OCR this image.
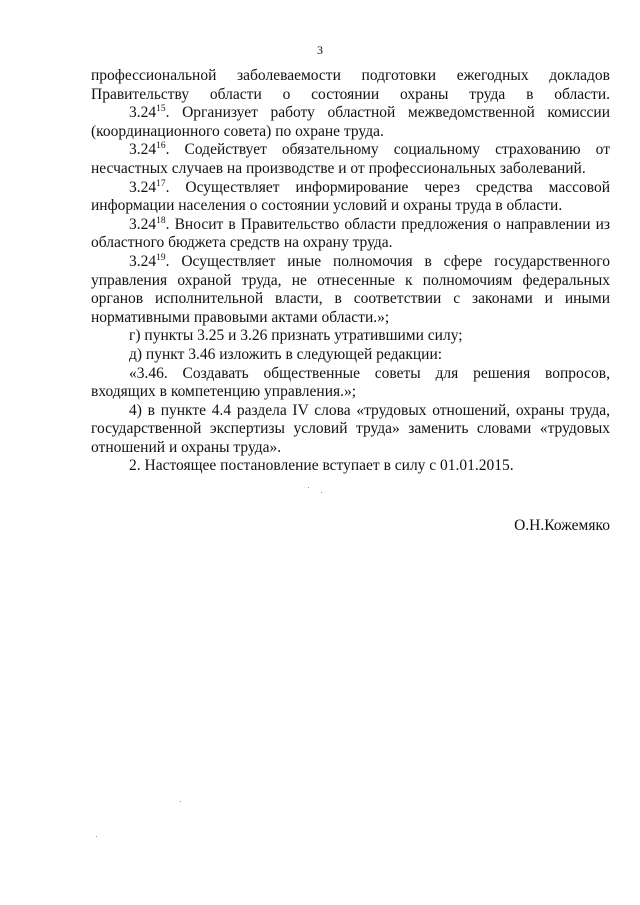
3

профессиональной заболеваемости подготовки ежегодных докладов Правительству области о состоянии охраны труда в области.

3.24$^{15}$. Организует работу областной межведомственной комиссии (координационного совета) по охране труда.

3.24$^{16}$. Содействует обязательному социальному страхованию от несчастных случаев на производстве и от профессиональных заболеваний.

3.24$^{17}$. Осуществляет информирование через средства массовой информации населения о состоянии условий и охраны труда в области.

3.24$^{18}$. Вносит в Правительство области предложения о направлении из областного бюджета средств на охрану труда.

3.24$^{19}$. Осуществляет иные полномочия в сфере государственного управления охраной труда, не отнесенные к полномочиям федеральных органов исполнительной власти, в соответствии с законами и иными нормативными правовыми актами области.»;

г) пункты 3.25 и 3.26 признать утратившими силу;

д) пункт 3.46 изложить в следующей редакции:

«3.46. Создавать общественные советы для решения вопросов, входящих в компетенцию управления.»;

4) в пункте 4.4 раздела IV слова «трудовых отношений, охраны труда, государственной экспертизы условий труда» заменить словами «трудовых отношений и охраны труда».

2. Настоящее постановление вступает в силу с 01.01.2015.

О.Н.Кожемяко
